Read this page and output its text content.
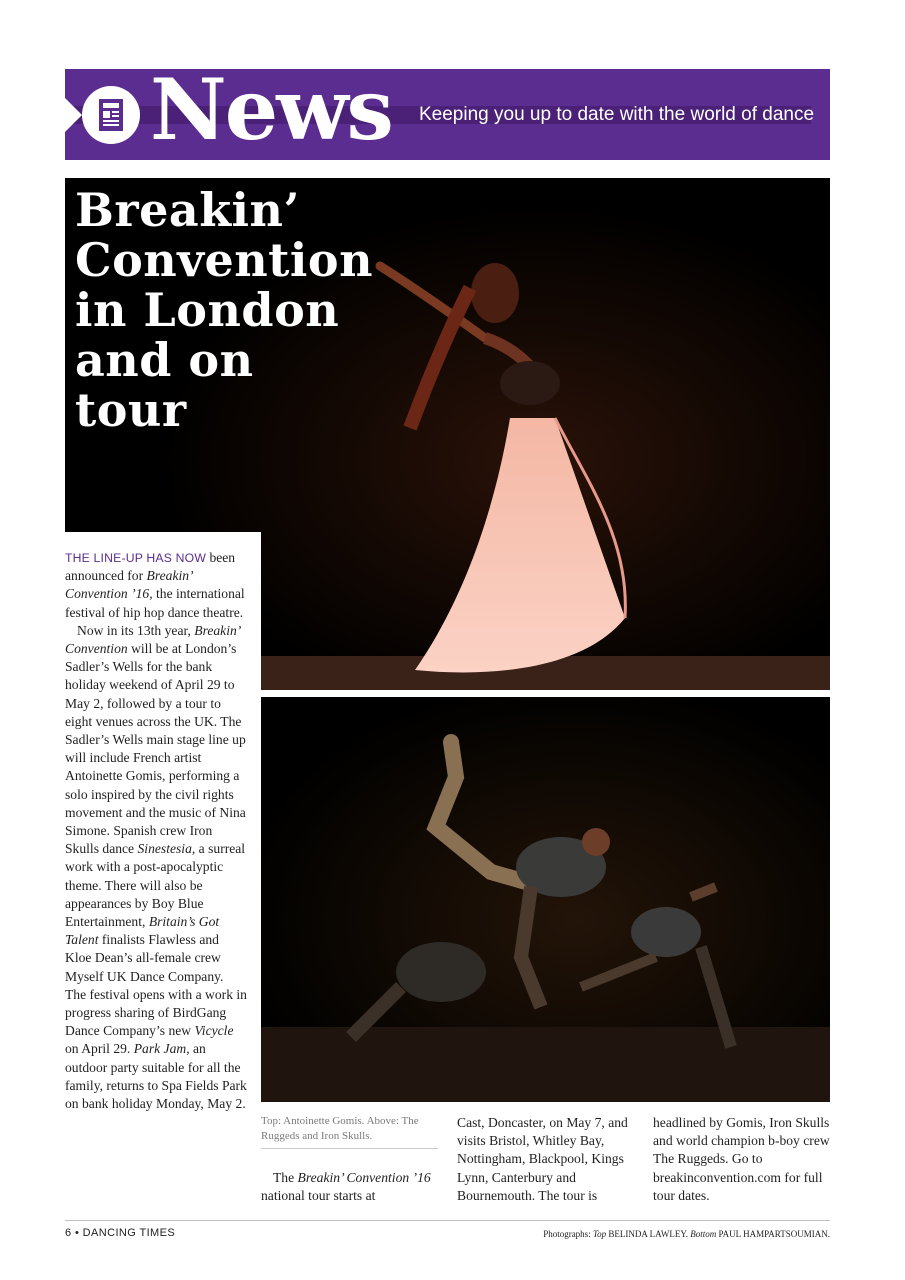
News Keeping you up to date with the world of dance
Breakin’ Convention in London and on tour

THE LINE-UP HAS NOW been announced for Breakin’ Convention ’16, the international festival of hip hop dance theatre.

Now in its 13th year, Breakin’ Convention will be at London’s Sadler’s Wells for the bank holiday weekend of April 29 to May 2, followed by a tour to eight venues across the UK. The Sadler’s Wells main stage line up will include French artist Antoinette Gomis, performing a solo inspired by the civil rights movement and the music of Nina Simone. Spanish crew Iron Skulls dance Sinestesia, a surreal work with a post-apocalyptic theme. There will also be appearances by Boy Blue Entertainment, Britain’s Got Talent finalists Flawless and Kloe Dean’s all-female crew Myself UK Dance Company. The festival opens with a work in progress sharing of BirdGang Dance Company’s new Vicycle on April 29. Park Jam, an outdoor party suitable for all the family, returns to Spa Fields Park on bank holiday Monday, May 2.

Top: Antoinette Gomis. Above: The Ruggeds and Iron Skulls.

The Breakin’ Convention ’16 national tour starts at

Cast, Doncaster, on May 7, and visits Bristol, Whitley Bay, Nottingham, Blackpool, Kings Lynn, Canterbury and Bournemouth. The tour is

headlined by Gomis, Iron Skulls and world champion b-boy crew The Ruggeds. Go to breakinconvention.com for full tour dates.

6 • DANCING TIMES	Photographs: Top BELINDA LAWLEY. Bottom PAUL HAMPARTSOUMIAN.
